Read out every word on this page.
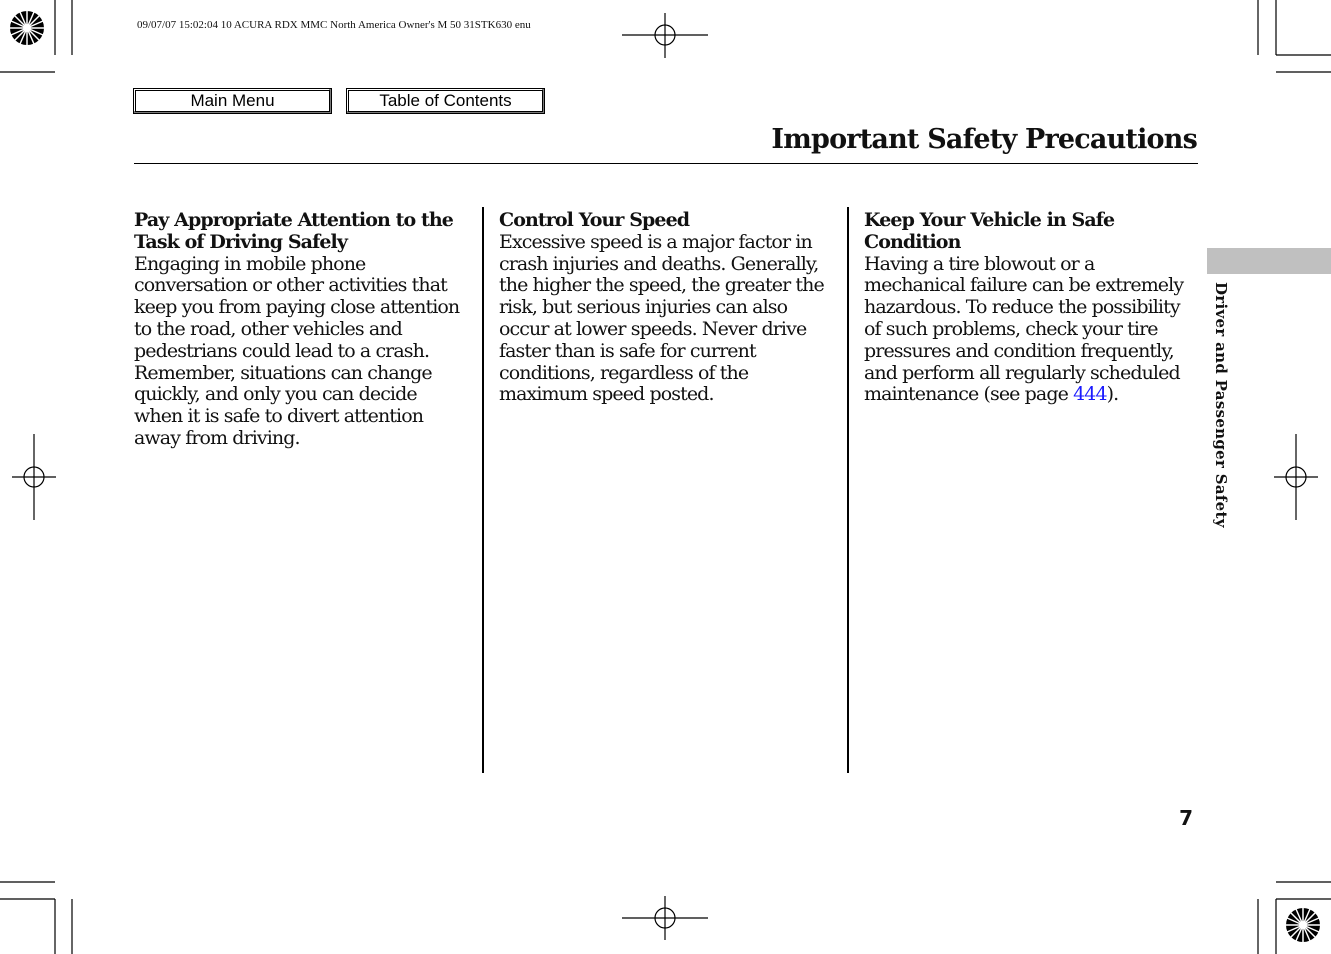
09/07/07 15:02:04 10 ACURA RDX MMC North America Owner's M 50 31STK630 enu
Main Menu	Table of Contents
Important Safety Precautions
Pay Appropriate Attention to the
Task of Driving Safely

Engaging in mobile phone
conversation or other activities that
keep you from paying close attention
to the road, other vehicles and
pedestrians could lead to a crash.
Remember, situations can change
quickly, and only you can decide
when it is safe to divert attention
away from driving.

Control Your Speed

Excessive speed is a major factor in
crash injuries and deaths. Generally,
the higher the speed, the greater the
risk, but serious injuries can also
occur at lower speeds. Never drive
faster than is safe for current
conditions, regardless of the
maximum speed posted.

Keep Your Vehicle in Safe
Condition

Having a tire blowout or a
mechanical failure can be extremely
hazardous. To reduce the possibility
of such problems, check your tire
pressures and condition frequently,
and perform all regularly scheduled
maintenance (see page 444).	Driver and Passenger Safety
7
